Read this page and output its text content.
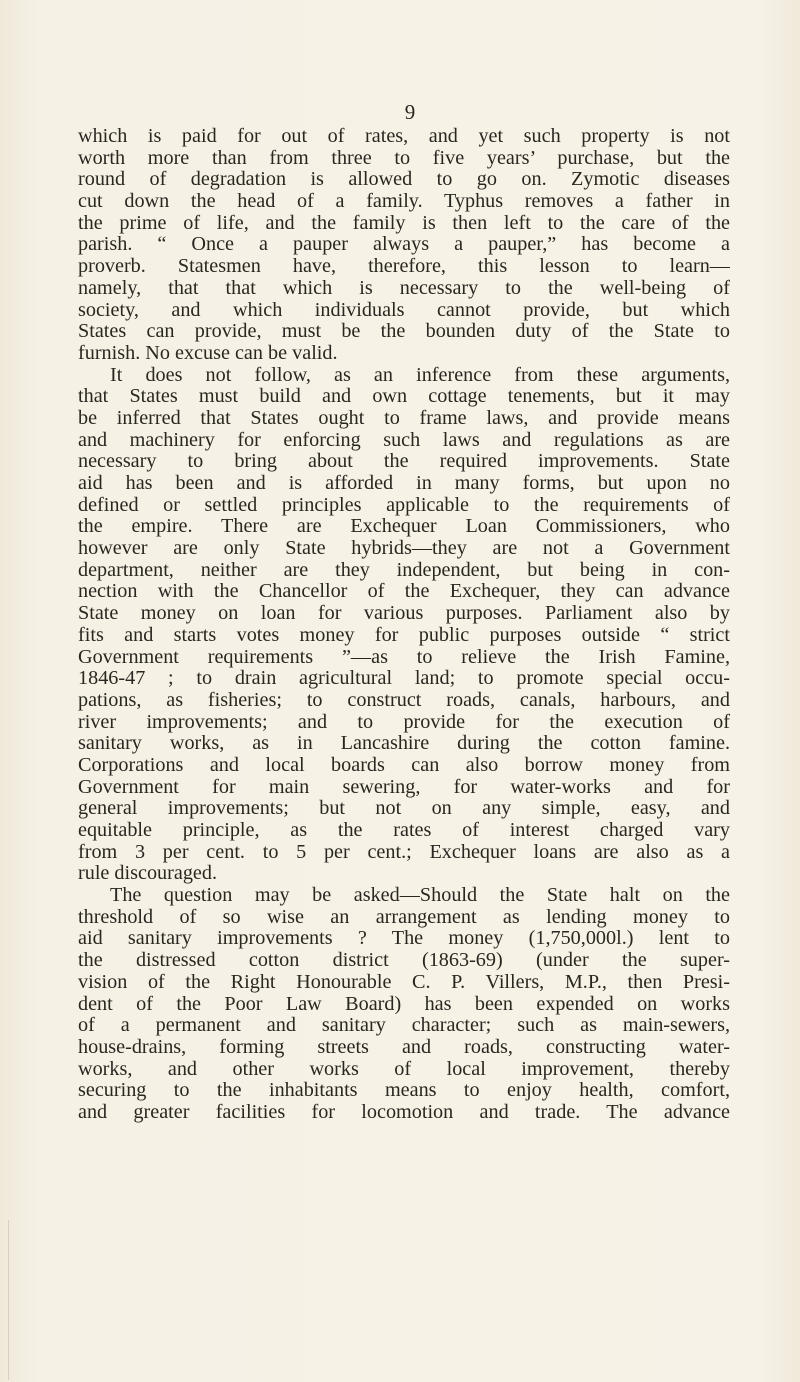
9
which is paid for out of rates, and yet such property is not
worth more than from three to five years’ purchase, but the
round of degradation is allowed to go on. Zymotic diseases
cut down the head of a family. Typhus removes a father in
the prime of life, and the family is then left to the care of the
parish. “ Once a pauper always a pauper,” has become a
proverb. Statesmen have, therefore, this lesson to learn—
namely, that that which is necessary to the well-being of
society, and which individuals cannot provide, but which
States can provide, must be the bounden duty of the State to
furnish. No excuse can be valid.
It does not follow, as an inference from these arguments,
that States must build and own cottage tenements, but it may
be inferred that States ought to frame laws, and provide means
and machinery for enforcing such laws and regulations as are
necessary to bring about the required improvements. State
aid has been and is afforded in many forms, but upon no
defined or settled principles applicable to the requirements of
the empire. There are Exchequer Loan Commissioners, who
however are only State hybrids—they are not a Government
department, neither are they independent, but being in con-
nection with the Chancellor of the Exchequer, they can advance
State money on loan for various purposes. Parliament also by
fits and starts votes money for public purposes outside “ strict
Government requirements ”—as to relieve the Irish Famine,
1846-47 ; to drain agricultural land; to promote special occu-
pations, as fisheries; to construct roads, canals, harbours, and
river improvements; and to provide for the execution of
sanitary works, as in Lancashire during the cotton famine.
Corporations and local boards can also borrow money from
Government for main sewering, for water-works and for
general improvements; but not on any simple, easy, and
equitable principle, as the rates of interest charged vary
from 3 per cent. to 5 per cent.; Exchequer loans are also as a
rule discouraged.
The question may be asked—Should the State halt on the
threshold of so wise an arrangement as lending money to
aid sanitary improvements ? The money (1,750,000l.) lent to
the distressed cotton district (1863-69) (under the super-
vision of the Right Honourable C. P. Villers, M.P., then Presi-
dent of the Poor Law Board) has been expended on works
of a permanent and sanitary character; such as main-sewers,
house-drains, forming streets and roads, constructing water-
works, and other works of local improvement, thereby
securing to the inhabitants means to enjoy health, comfort,
and greater facilities for locomotion and trade. The advance
